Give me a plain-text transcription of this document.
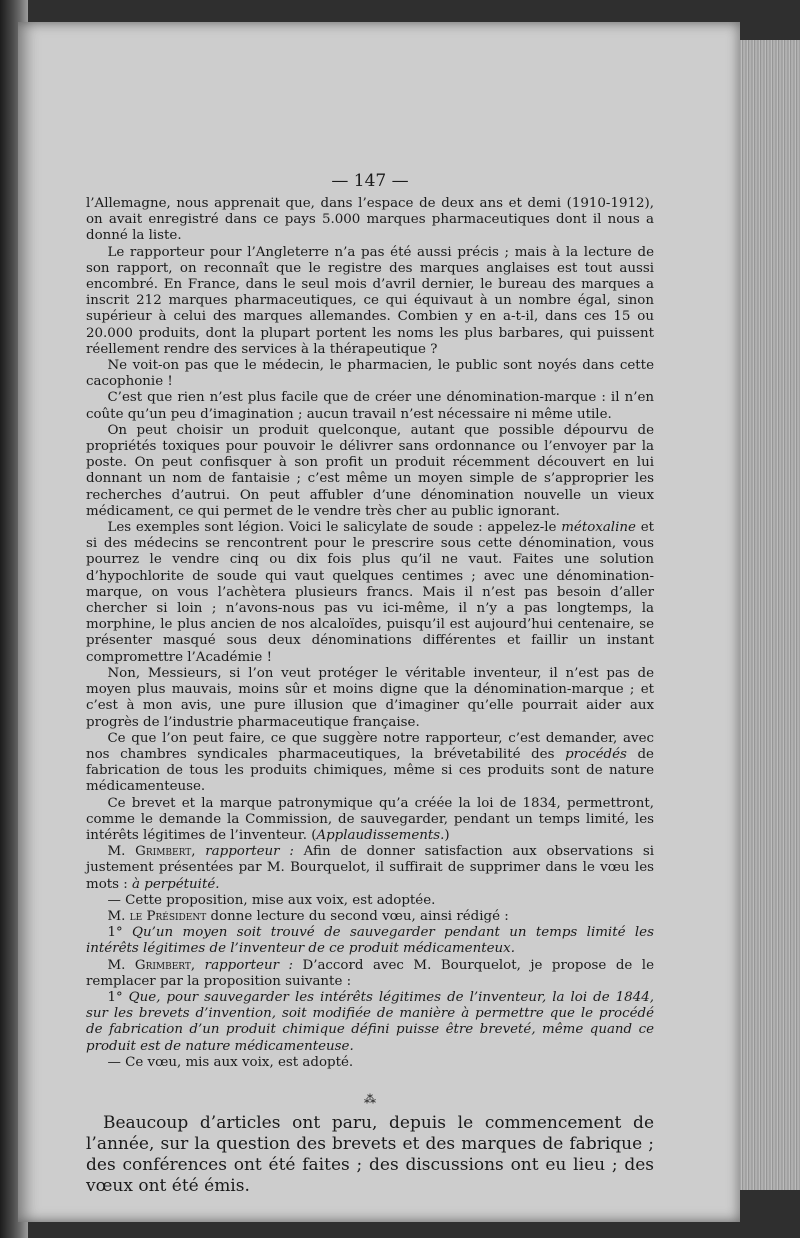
— 147 —

l’Allemagne, nous apprenait que, dans l’espace de deux ans et demi (1910-1912), on avait enregistré dans ce pays 5.000 marques pharmaceutiques dont il nous a donné la liste.

Le rapporteur pour l’Angleterre n’a pas été aussi précis ; mais à la lecture de son rapport, on reconnaît que le registre des marques anglaises est tout aussi encombré. En France, dans le seul mois d’avril dernier, le bureau des marques a inscrit 212 marques pharmaceutiques, ce qui équivaut à un nombre égal, sinon supérieur à celui des marques allemandes. Combien y en a-t-il, dans ces 15 ou 20.000 produits, dont la plupart portent les noms les plus barbares, qui puissent réellement rendre des services à la thérapeutique ?

Ne voit-on pas que le médecin, le pharmacien, le public sont noyés dans cette cacophonie !

C’est que rien n’est plus facile que de créer une dénomination-marque : il n’en coûte qu’un peu d’imagination ; aucun travail n’est nécessaire ni même utile.

On peut choisir un produit quelconque, autant que possible dépourvu de propriétés toxiques pour pouvoir le délivrer sans ordonnance ou l’envoyer par la poste. On peut confisquer à son profit un produit récemment découvert en lui donnant un nom de fantaisie ; c’est même un moyen simple de s’approprier les recherches d’autrui. On peut affubler d’une dénomination nouvelle un vieux médicament, ce qui permet de le vendre très cher au public ignorant.

Les exemples sont légion. Voici le salicylate de soude : appelez-le métoxaline et si des médecins se rencontrent pour le prescrire sous cette dénomination, vous pourrez le vendre cinq ou dix fois plus qu’il ne vaut. Faites une solution d’hypochlorite de soude qui vaut quelques centimes ; avec une dénomination-marque, on vous l’achètera plusieurs francs. Mais il n’est pas besoin d’aller chercher si loin ; n’avons-nous pas vu ici-même, il n’y a pas longtemps, la morphine, le plus ancien de nos alcaloïdes, puisqu’il est aujourd’hui centenaire, se présenter masqué sous deux dénominations différentes et faillir un instant compromettre l’Académie !

Non, Messieurs, si l’on veut protéger le véritable inventeur, il n’est pas de moyen plus mauvais, moins sûr et moins digne que la dénomination-marque ; et c’est à mon avis, une pure illusion que d’imaginer qu’elle pourrait aider aux progrès de l’industrie pharmaceutique française.

Ce que l’on peut faire, ce que suggère notre rapporteur, c’est demander, avec nos chambres syndicales pharmaceutiques, la brévetabilité des procédés de fabrication de tous les produits chimiques, même si ces produits sont de nature médicamenteuse.

Ce brevet et la marque patronymique qu’a créée la loi de 1834, permettront, comme le demande la Commission, de sauvegarder, pendant un temps limité, les intérêts légitimes de l’inventeur. (Applaudissements.)

M. Grimbert, rapporteur : Afin de donner satisfaction aux observations si justement présentées par M. Bourquelot, il suffirait de supprimer dans le vœu les mots : à perpétuité.

— Cette proposition, mise aux voix, est adoptée.

M. le Président donne lecture du second vœu, ainsi rédigé :

1° Qu’un moyen soit trouvé de sauvegarder pendant un temps limité les intérêts légitimes de l’inventeur de ce produit médicamenteux.

M. Grimbert, rapporteur : D’accord avec M. Bourquelot, je propose de le remplacer par la proposition suivante :

1° Que, pour sauvegarder les intérêts légitimes de l’inventeur, la loi de 1844, sur les brevets d’invention, soit modifiée de manière à permettre que le procédé de fabrication d’un produit chimique défini puisse être breveté, même quand ce produit est de nature médicamenteuse.

— Ce vœu, mis aux voix, est adopté.

⁂

Beaucoup d’articles ont paru, depuis le commencement de l’année, sur la question des brevets et des marques de fabrique ; des conférences ont été faites ; des discussions ont eu lieu ; des vœux ont été émis.
